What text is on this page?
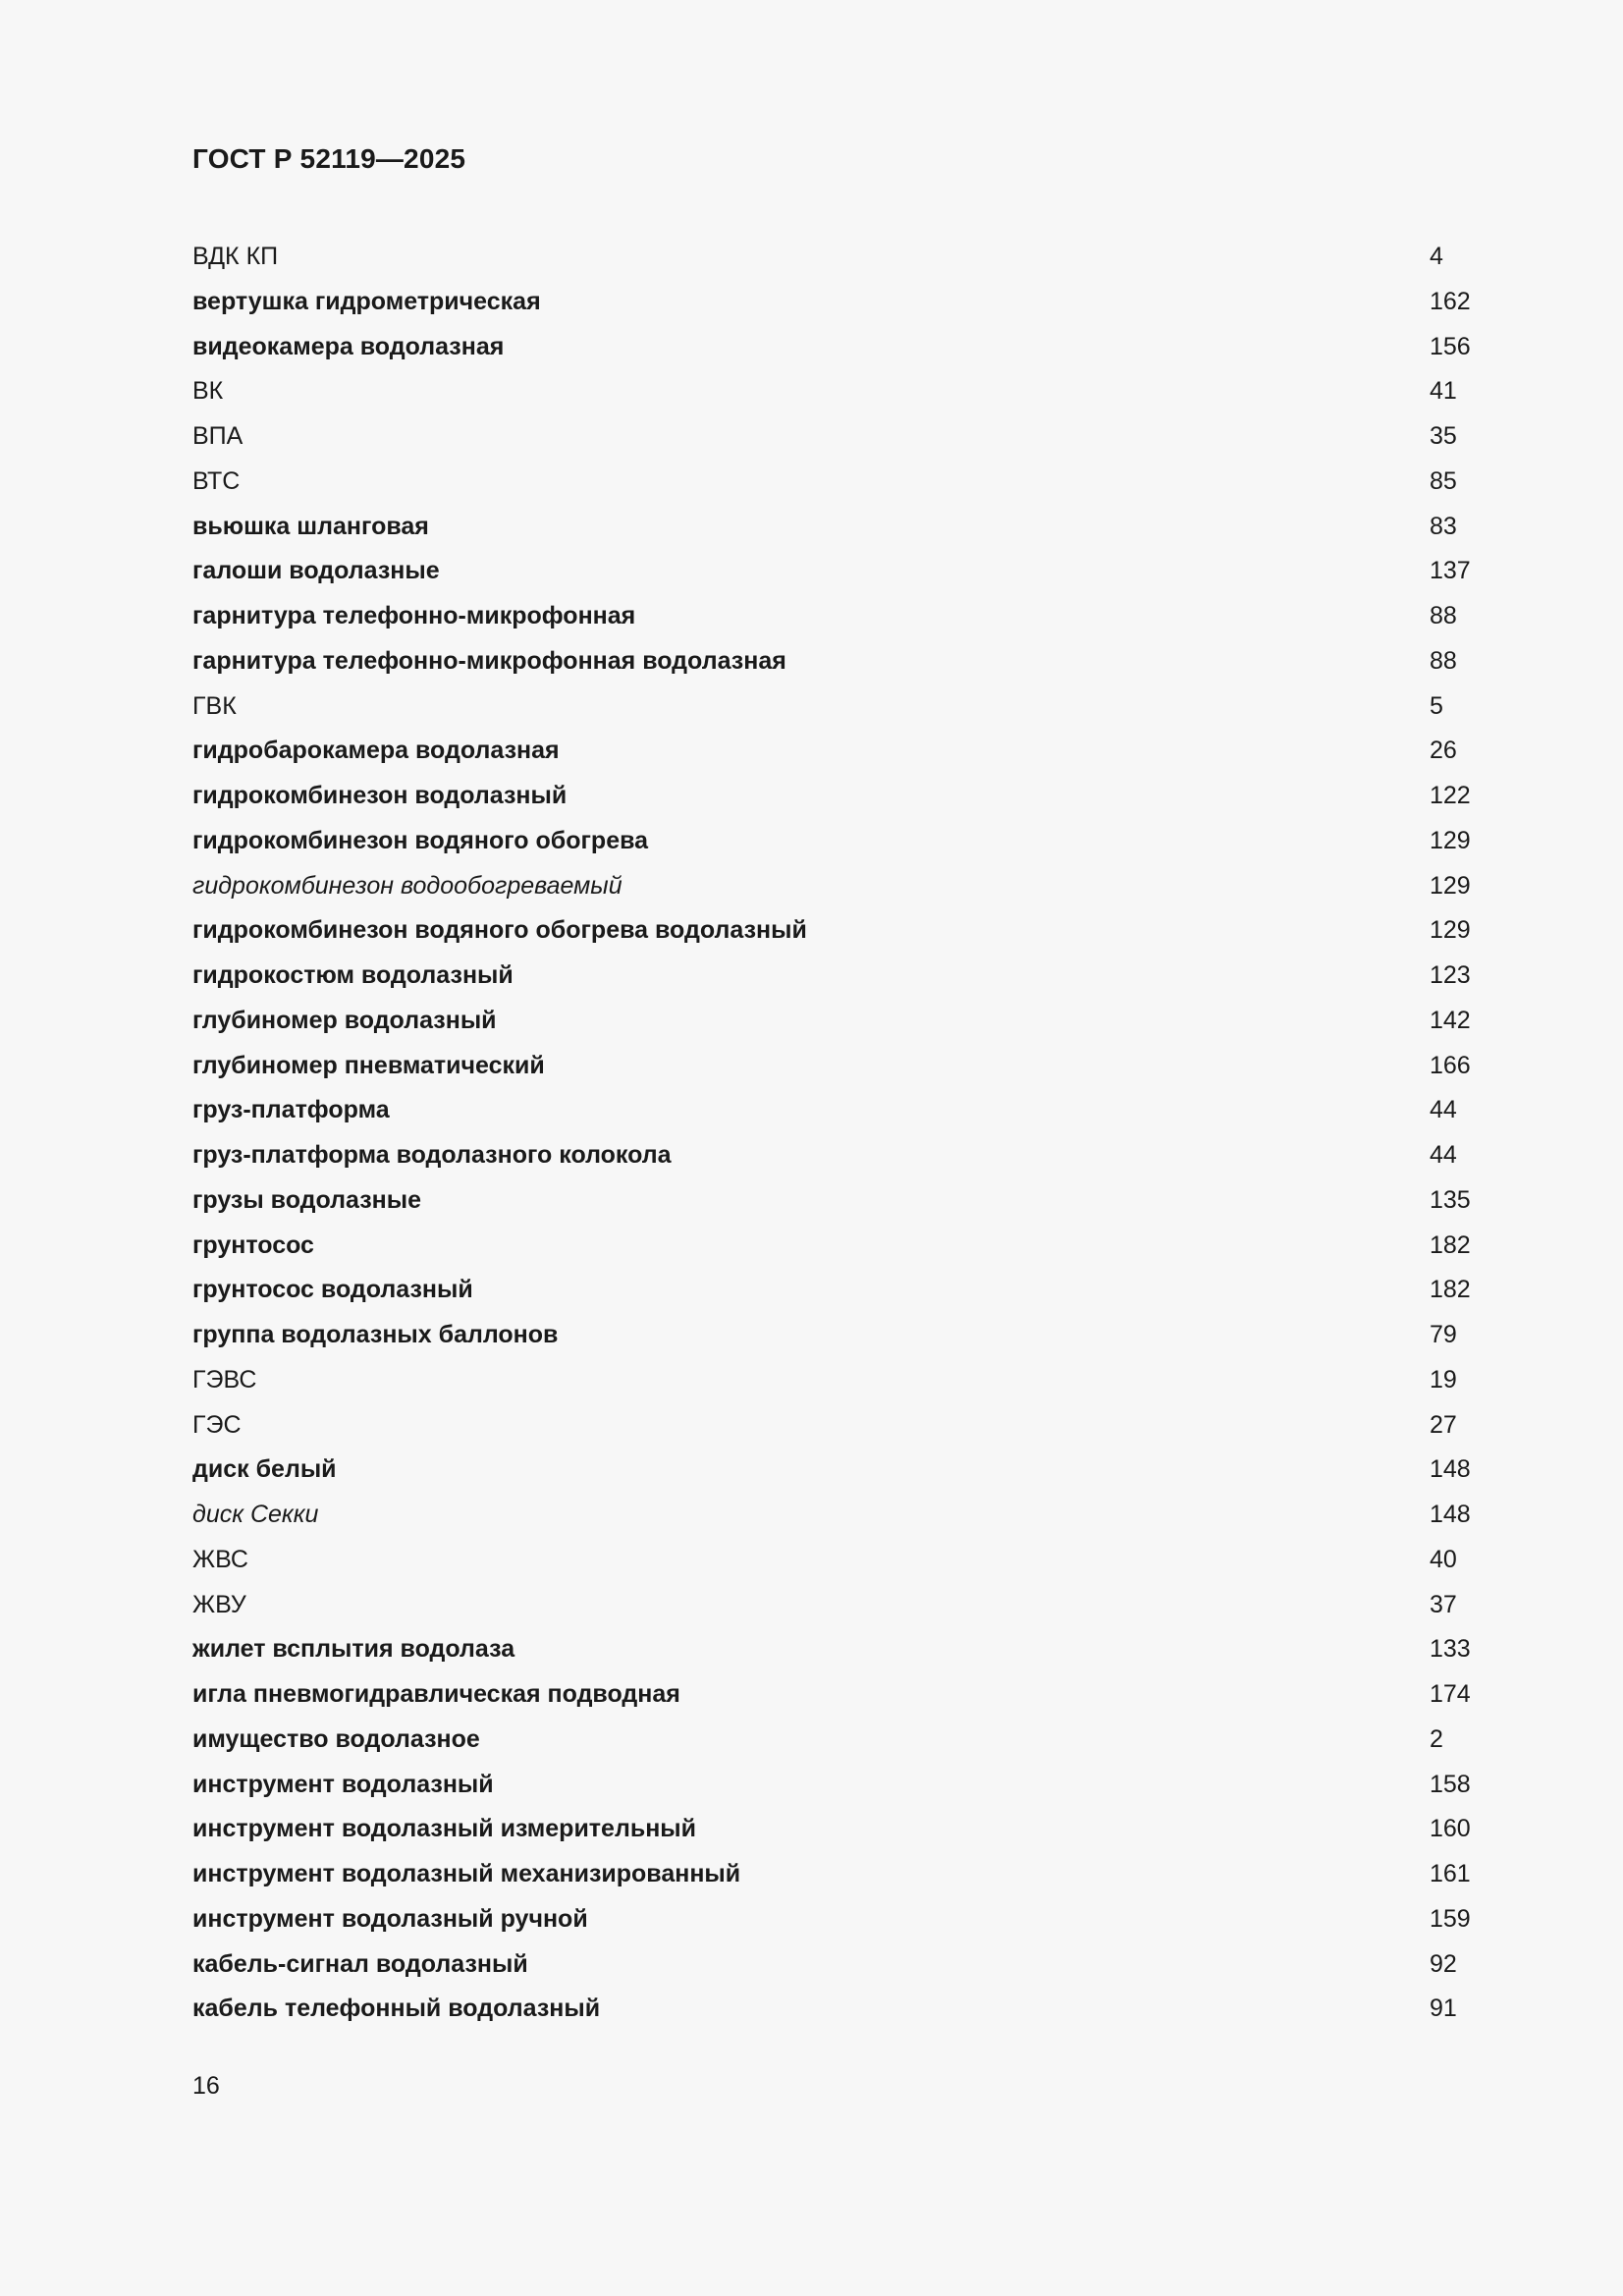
ГОСТ Р 52119—2025
ВДК КП	4
вертушка гидрометрическая	162
видеокамера водолазная	156
ВК	41
ВПА	35
ВТС	85
вьюшка шланговая	83
галоши водолазные	137
гарнитура телефонно-микрофонная	88
гарнитура телефонно-микрофонная водолазная	88
ГВК	5
гидробарокамера водолазная	26
гидрокомбинезон водолазный	122
гидрокомбинезон водяного обогрева	129
гидрокомбинезон водообогреваемый	129
гидрокомбинезон водяного обогрева водолазный	129
гидрокостюм водолазный	123
глубиномер водолазный	142
глубиномер пневматический	166
груз-платформа	44
груз-платформа водолазного колокола	44
грузы водолазные	135
грунтосос	182
грунтосос водолазный	182
группа водолазных баллонов	79
ГЭВС	19
ГЭС	27
диск белый	148
диск Секки	148
ЖВС	40
ЖВУ	37
жилет всплытия водолаза	133
игла пневмогидравлическая подводная	174
имущество водолазное	2
инструмент водолазный	158
инструмент водолазный измерительный	160
инструмент водолазный механизированный	161
инструмент водолазный ручной	159
кабель-сигнал водолазный	92
кабель телефонный водолазный	91
16
